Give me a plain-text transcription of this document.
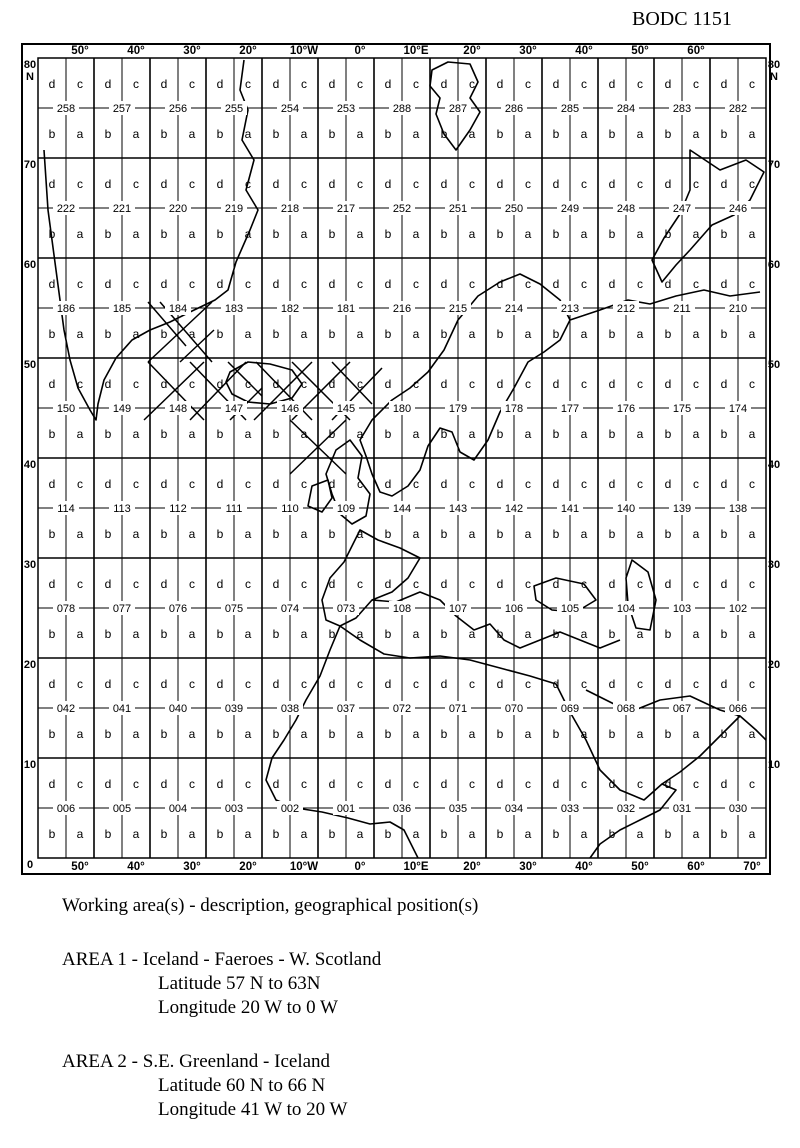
BODC 1151
d c d c d c d c d c d c d c d c d c d c d c d c d c
b a b a b a b a b a b a b a b a b a b a b a b a b a
d c d c d c d c d c d c d c d c d c d c d c d c d c
b a b a b a b a b a b a b a b a b a b a b a b a b a
d c d c d c d c d c d c d c d c d c d c d c d c d c
b a b a b a b a b a b a b a b a b a b a b a b a b a
d c d c d c d c d c d c d c d c d c d c d c d c d c
b a b a b a b a b a b a b a b a b a b a b a b a b a
d c d c d c d c d c d c d c d c d c d c d c d c d c
b a b a b a b a b a b a b a b a b a b a b a b a b a
d c d c d c d c d c d c d c d c d c d c d c d c d c
b a b a b a b a b a b a b a b a b a b a b a b a b a
d c d c d c d c d c d c d c d c d c d c d c d c d c
b a b a b a b a b a b a b a b a b a b a b a b a b a
d c d c d c d c d c d c d c d c d c d c d c d c d c
b a b a b a b a b a b a b a b a b a b a b a b a b a
258	257	256	255	254	253	288	287	286	285	284	283	282
222	221	220	219	218	217	252	251	250	249	248	247	246
186	185	184	183	182	181	216	215	214	213	212	211	210
150	149	148	147	146	145	180	179	178	177	176	175	174
114	113	112	111	110	109	144	143	142	141	140	139	138
078	077	076	075	074	073	108	107	106	105	104	103	102
042	041	040	039	038	037	072	071	070	069	068	067	066
006	005	004	003	002	001	036	035	034	033	032	031	030
50°	40°	30°	20°	10°W	0°	10°E	20°	30°	40°	50°	60°
50°	40°	30°	20°	10°W	0°	10°E	20°	30°	40°	50°	60°	70°
80
N
70
60
50
40
30
20
10
0
80
N
70
60
50
40
30
20
10
Working area(s) - description, geographical position(s)
AREA 1 - Iceland - Faeroes - W. Scotland
Latitude 57 N to 63N
Longitude 20 W to 0 W
AREA 2 - S.E. Greenland - Iceland
Latitude 60 N to 66 N
Longitude 41 W to 20 W
